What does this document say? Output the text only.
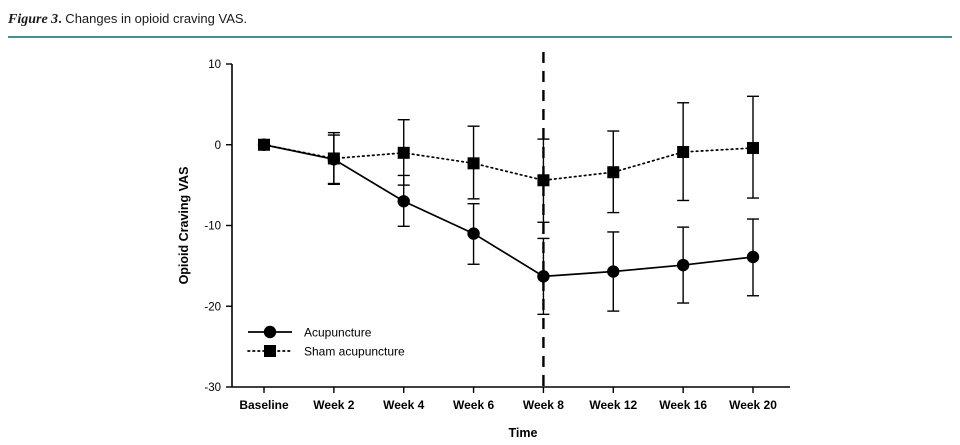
Figure 3. Changes in opioid craving VAS.
10
0
-10
-20
-30
Opioid Craving VAS
Baseline Week 2 Week 4 Week 6 Week 8 Week 12 Week 16 Week 20
Time
Acupuncture
Sham acupuncture
